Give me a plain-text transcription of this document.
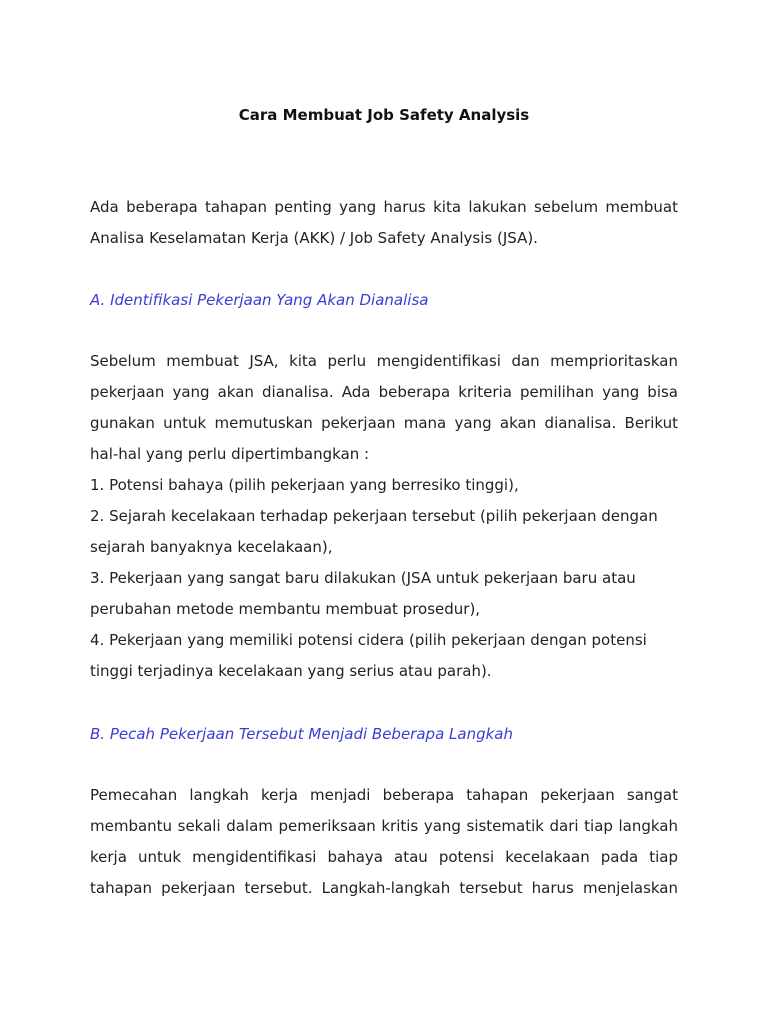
Cara Membuat Job Safety Analysis
Ada beberapa tahapan penting yang harus kita lakukan sebelum membuat
Analisa Keselamatan Kerja (AKK) / Job Safety Analysis (JSA).
A. Identifikasi Pekerjaan Yang Akan Dianalisa
Sebelum membuat JSA, kita perlu mengidentifikasi dan memprioritaskan
pekerjaan yang akan dianalisa. Ada beberapa kriteria pemilihan yang bisa
gunakan untuk memutuskan pekerjaan mana yang akan dianalisa. Berikut
hal-hal yang perlu dipertimbangkan :
1. Potensi bahaya (pilih pekerjaan yang berresiko tinggi),
2. Sejarah kecelakaan terhadap pekerjaan tersebut (pilih pekerjaan dengan
sejarah banyaknya kecelakaan),
3. Pekerjaan yang sangat baru dilakukan (JSA untuk pekerjaan baru atau
perubahan metode membantu membuat prosedur),
4. Pekerjaan yang memiliki potensi cidera (pilih pekerjaan dengan potensi
tinggi terjadinya kecelakaan yang serius atau parah).
B. Pecah Pekerjaan Tersebut Menjadi Beberapa Langkah
Pemecahan langkah kerja menjadi beberapa tahapan pekerjaan sangat
membantu sekali dalam pemeriksaan kritis yang sistematik dari tiap langkah
kerja untuk mengidentifikasi bahaya atau potensi kecelakaan pada tiap
tahapan pekerjaan tersebut. Langkah-langkah tersebut harus menjelaskan
